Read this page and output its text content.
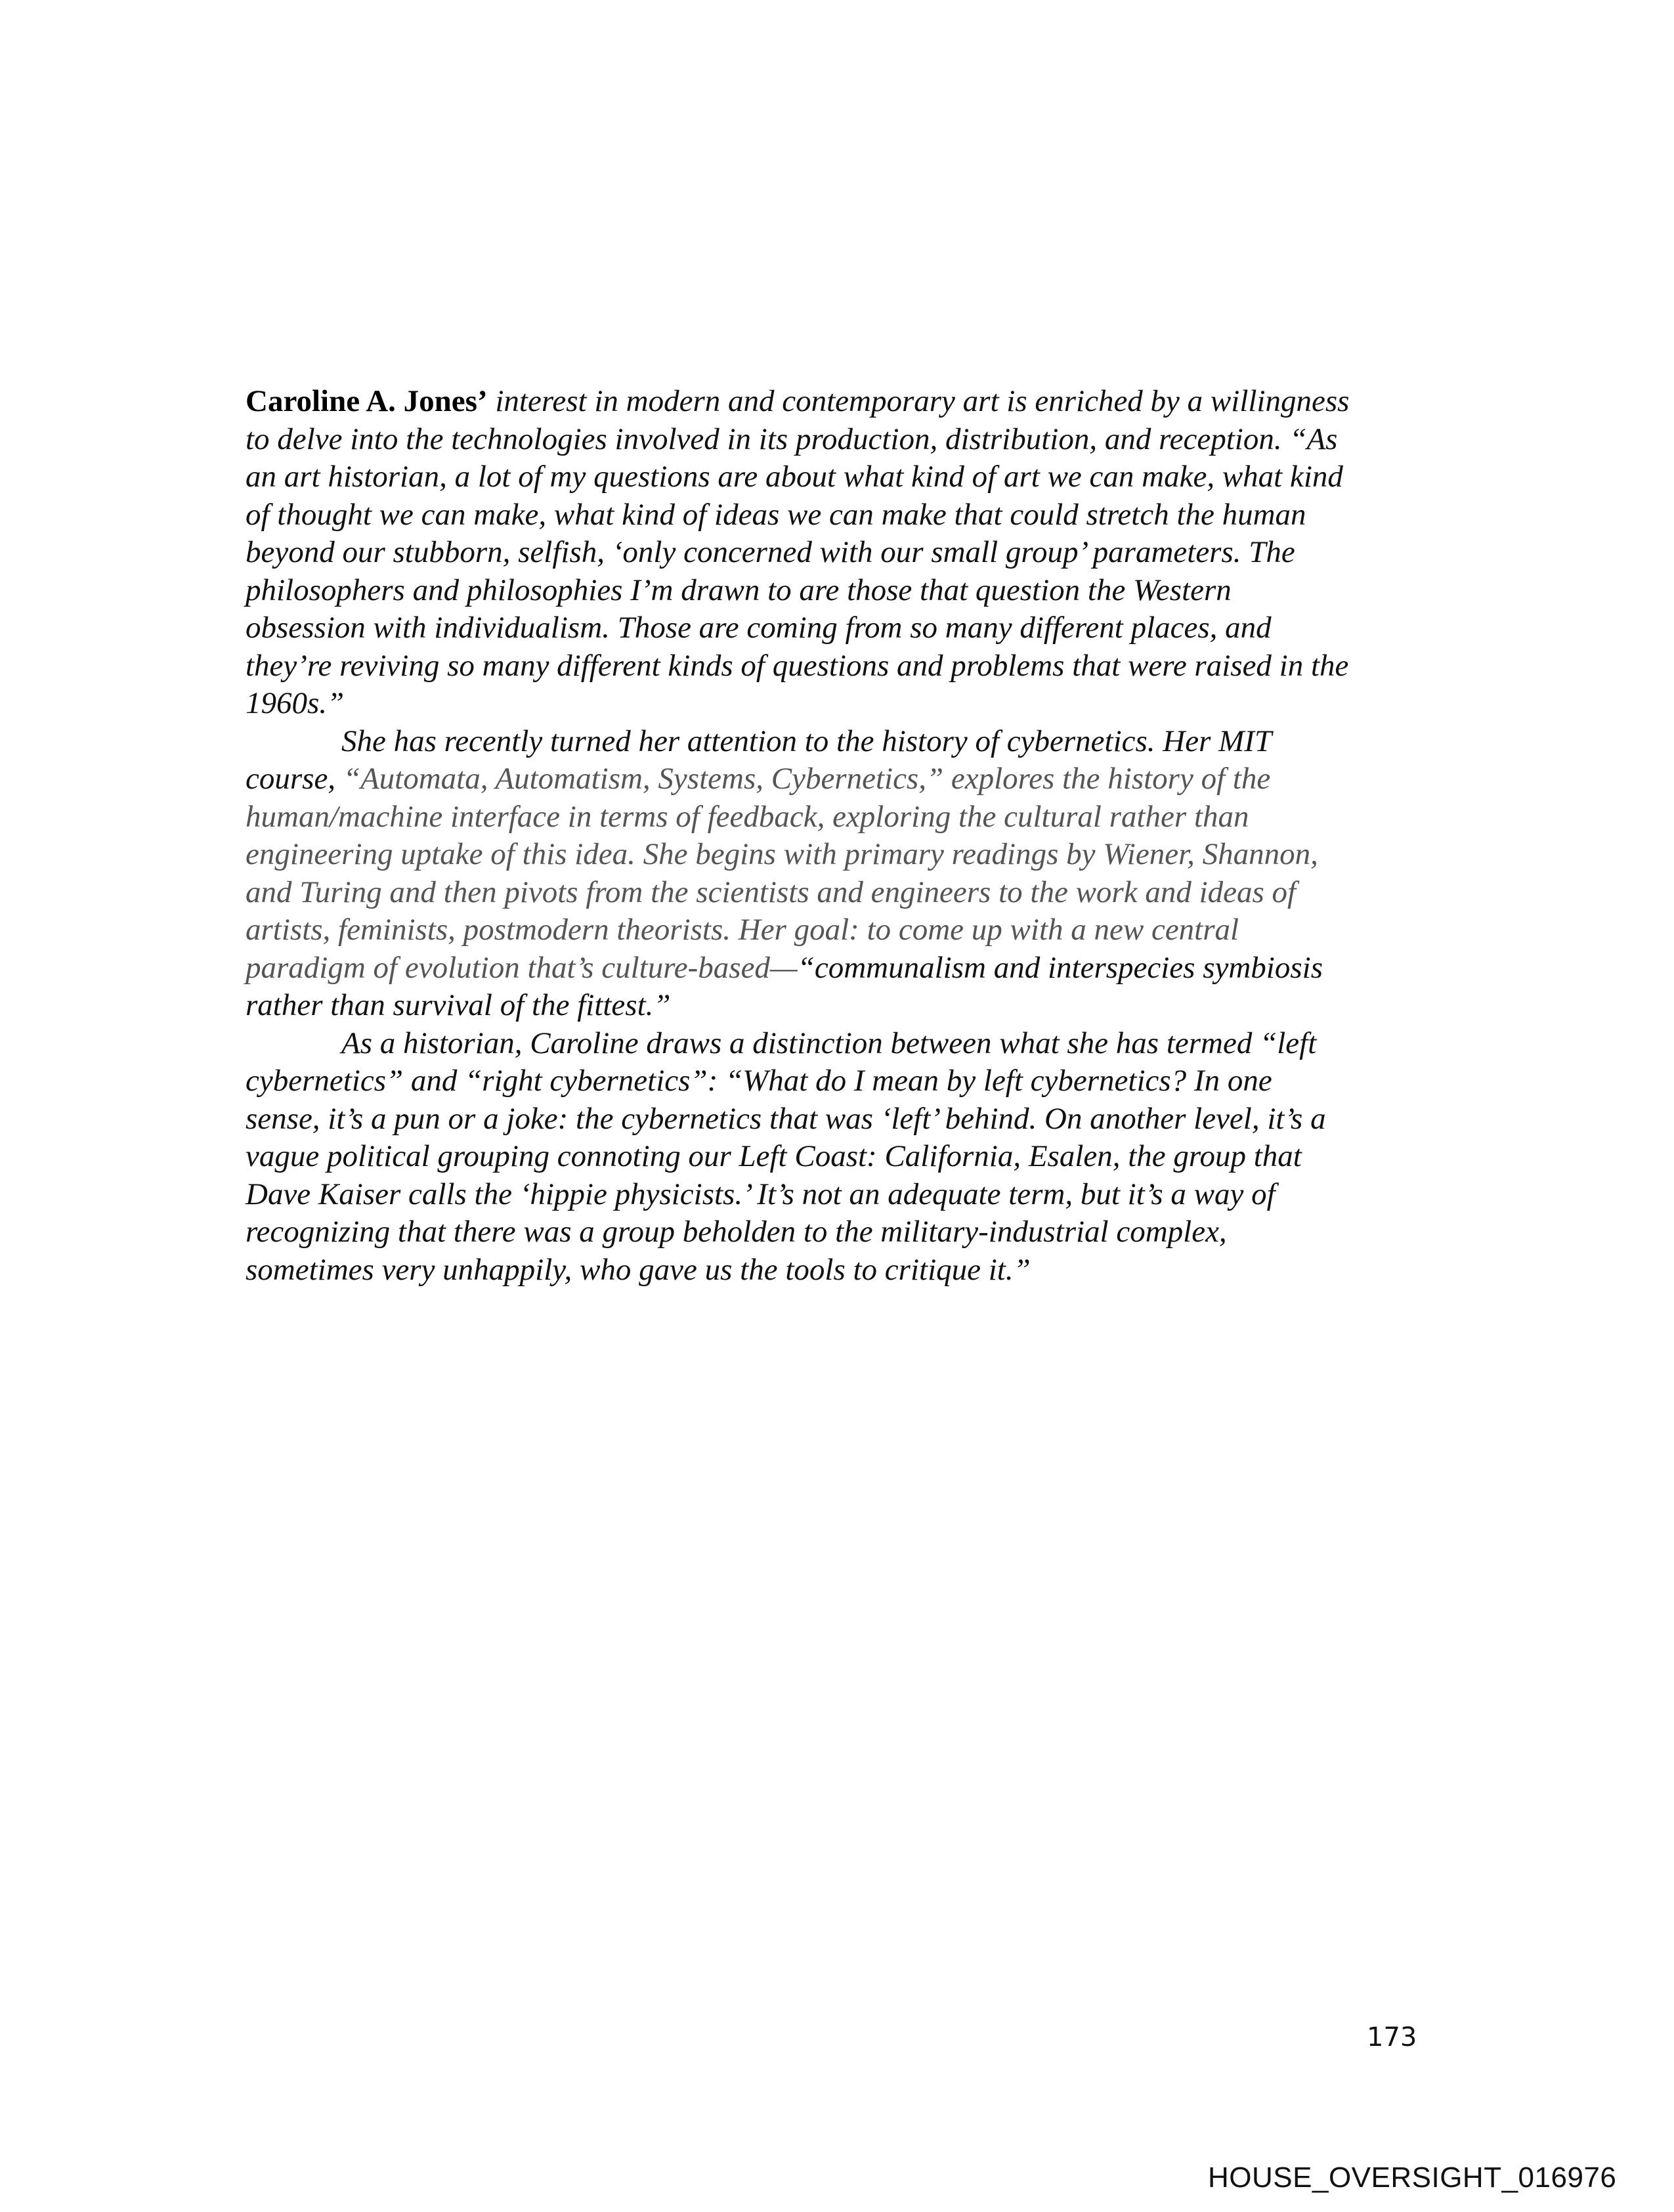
Caroline A. Jones’ interest in modern and contemporary art is enriched by a willingness
to delve into the technologies involved in its production, distribution, and reception. “As
an art historian, a lot of my questions are about what kind of art we can make, what kind
of thought we can make, what kind of ideas we can make that could stretch the human
beyond our stubborn, selfish, ‘only concerned with our small group’ parameters. The
philosophers and philosophies I’m drawn to are those that question the Western
obsession with individualism. Those are coming from so many different places, and
they’re reviving so many different kinds of questions and problems that were raised in the
1960s.”
She has recently turned her attention to the history of cybernetics. Her MIT
course, “Automata, Automatism, Systems, Cybernetics,” explores the history of the
human/machine interface in terms of feedback, exploring the cultural rather than
engineering uptake of this idea. She begins with primary readings by Wiener, Shannon,
and Turing and then pivots from the scientists and engineers to the work and ideas of
artists, feminists, postmodern theorists. Her goal: to come up with a new central
paradigm of evolution that’s culture-based—“communalism and interspecies symbiosis
rather than survival of the fittest.”
As a historian, Caroline draws a distinction between what she has termed “left
cybernetics” and “right cybernetics”: “What do I mean by left cybernetics? In one
sense, it’s a pun or a joke: the cybernetics that was ‘left’ behind. On another level, it’s a
vague political grouping connoting our Left Coast: California, Esalen, the group that
Dave Kaiser calls the ‘hippie physicists.’ It’s not an adequate term, but it’s a way of
recognizing that there was a group beholden to the military-industrial complex,
sometimes very unhappily, who gave us the tools to critique it.”
173
HOUSE_OVERSIGHT_016976
